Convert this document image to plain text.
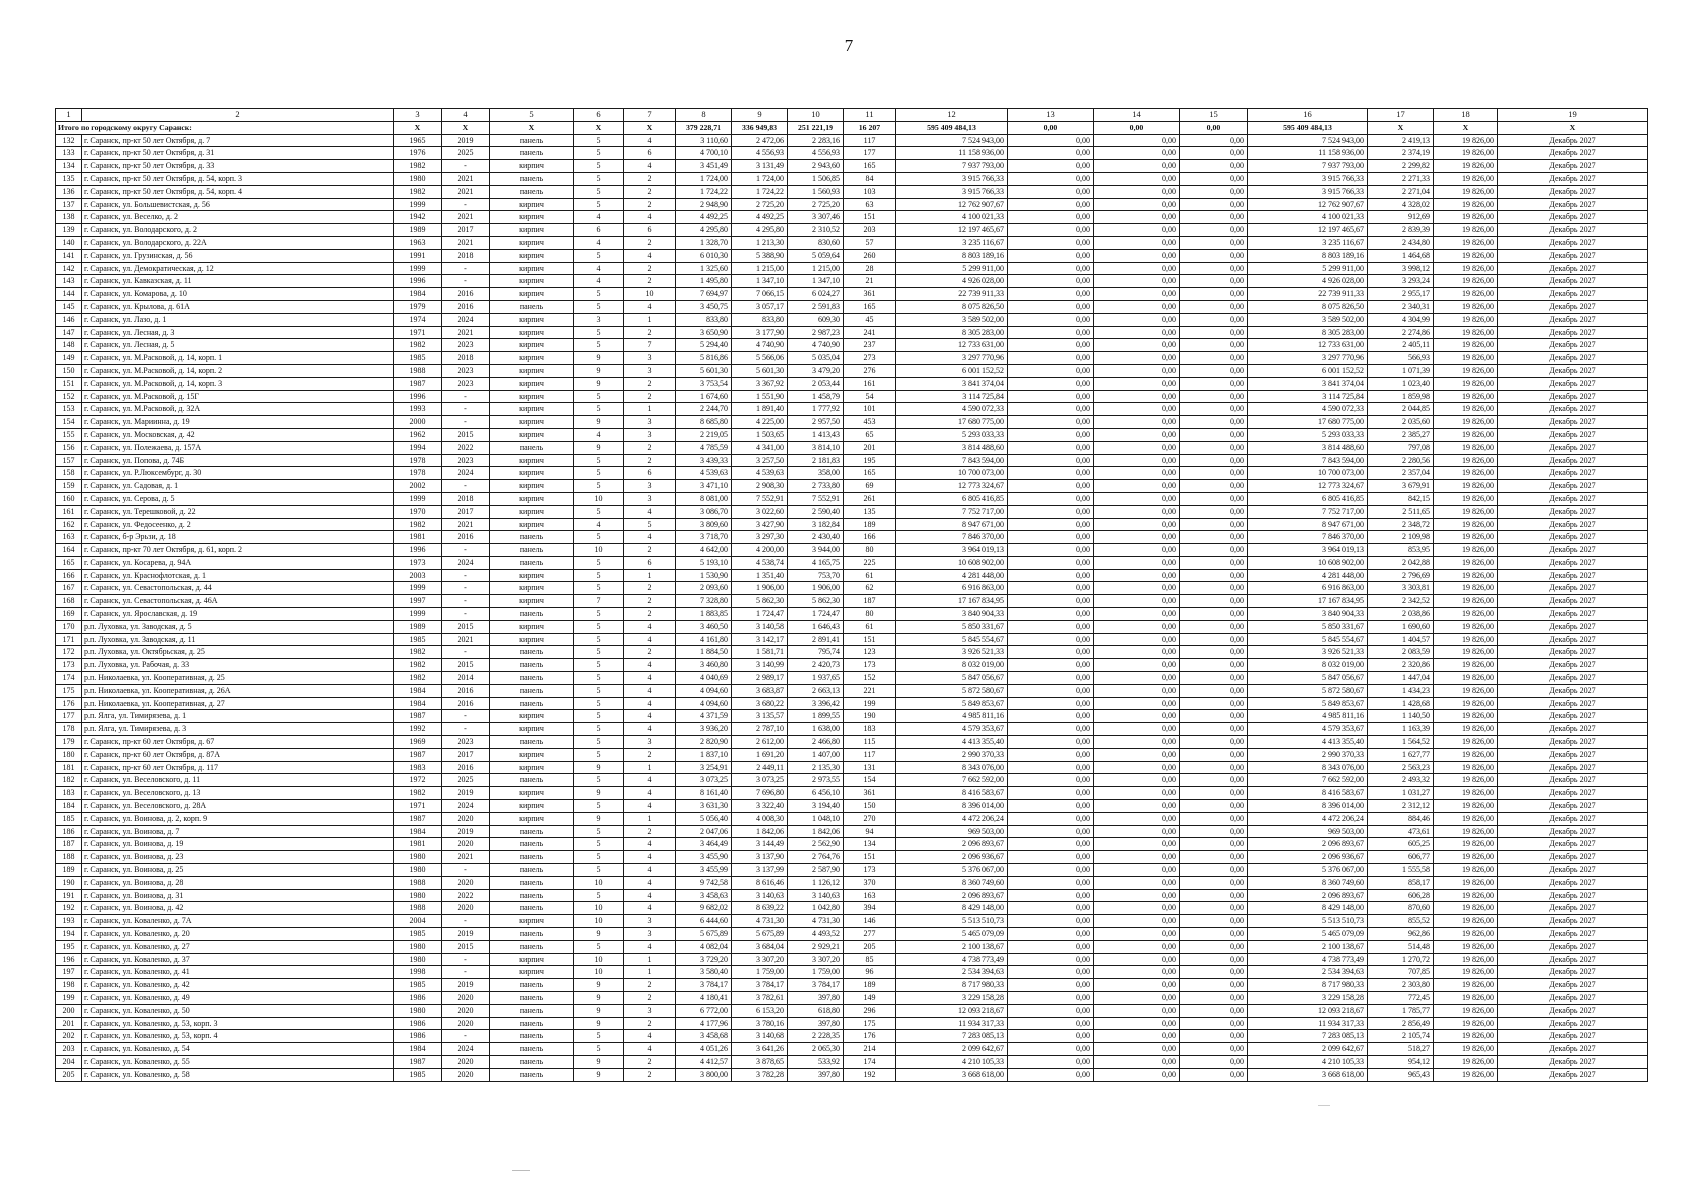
7
1	2	3	4	5	6	7	8	9	10	11	12	13	14	15	16	17	18	19
Итого по городскому округу Саранск:		X	X	X	X	X	379 228,71	336 949,83	251 221,19	16 207	595 409 484,13	0,00	0,00	0,00	595 409 484,13	X	X	X
132	г. Саранск, пр-кт 50 лет Октября, д. 7	1965	2019	панель	5	4	3 110,60	2 472,06	2 283,16	117	7 524 943,00	0,00	0,00	0,00	7 524 943,00	2 419,13	19 826,00	Декабрь 2027
133	г. Саранск, пр-кт 50 лет Октября, д. 31	1976	2025	панель	5	6	4 700,10	4 556,93	4 556,93	177	11 158 936,00	0,00	0,00	0,00	11 158 936,00	2 374,19	19 826,00	Декабрь 2027
134	г. Саранск, пр-кт 50 лет Октября, д. 33	1982	-	кирпич	5	4	3 451,49	3 131,49	2 943,60	165	7 937 793,00	0,00	0,00	0,00	7 937 793,00	2 299,82	19 826,00	Декабрь 2027
135	г. Саранск, пр-кт 50 лет Октября, д. 54, корп. 3	1980	2021	панель	5	2	1 724,00	1 724,00	1 506,85	84	3 915 766,33	0,00	0,00	0,00	3 915 766,33	2 271,33	19 826,00	Декабрь 2027
136	г. Саранск, пр-кт 50 лет Октября, д. 54, корп. 4	1982	2021	панель	5	2	1 724,22	1 724,22	1 560,93	103	3 915 766,33	0,00	0,00	0,00	3 915 766,33	2 271,04	19 826,00	Декабрь 2027
137	г. Саранск, ул. Большевистская, д. 56	1999	-	кирпич	5	2	2 948,90	2 725,20	2 725,20	63	12 762 907,67	0,00	0,00	0,00	12 762 907,67	4 328,02	19 826,00	Декабрь 2027
138	г. Саранск, ул. Веселко, д. 2	1942	2021	кирпич	4	4	4 492,25	4 492,25	3 307,46	151	4 100 021,33	0,00	0,00	0,00	4 100 021,33	912,69	19 826,00	Декабрь 2027
139	г. Саранск, ул. Володарского, д. 2	1989	2017	кирпич	6	6	4 295,80	4 295,80	2 310,52	203	12 197 465,67	0,00	0,00	0,00	12 197 465,67	2 839,39	19 826,00	Декабрь 2027
140	г. Саранск, ул. Володарского, д. 22А	1963	2021	кирпич	4	2	1 328,70	1 213,30	830,60	57	3 235 116,67	0,00	0,00	0,00	3 235 116,67	2 434,80	19 826,00	Декабрь 2027
141	г. Саранск, ул. Грузинская, д. 56	1991	2018	кирпич	5	4	6 010,30	5 388,90	5 059,64	260	8 803 189,16	0,00	0,00	0,00	8 803 189,16	1 464,68	19 826,00	Декабрь 2027
142	г. Саранск, ул. Демократическая, д. 12	1999	-	кирпич	4	2	1 325,60	1 215,00	1 215,00	28	5 299 911,00	0,00	0,00	0,00	5 299 911,00	3 998,12	19 826,00	Декабрь 2027
143	г. Саранск, ул. Кавказская, д. 11	1996	-	кирпич	4	2	1 495,80	1 347,10	1 347,10	21	4 926 028,00	0,00	0,00	0,00	4 926 028,00	3 293,24	19 826,00	Декабрь 2027
144	г. Саранск, ул. Комарова, д. 10	1984	2016	кирпич	5	10	7 694,97	7 066,15	6 024,27	361	22 739 911,33	0,00	0,00	0,00	22 739 911,33	2 955,17	19 826,00	Декабрь 2027
145	г. Саранск, ул. Крылова, д. 61А	1979	2016	панель	5	4	3 450,75	3 057,17	2 591,83	165	8 075 826,50	0,00	0,00	0,00	8 075 826,50	2 340,31	19 826,00	Декабрь 2027
146	г. Саранск, ул. Лазо, д. 1	1974	2024	кирпич	3	1	833,80	833,80	609,30	45	3 589 502,00	0,00	0,00	0,00	3 589 502,00	4 304,99	19 826,00	Декабрь 2027
147	г. Саранск, ул. Лесная, д. 3	1971	2021	кирпич	5	2	3 650,90	3 177,90	2 987,23	241	8 305 283,00	0,00	0,00	0,00	8 305 283,00	2 274,86	19 826,00	Декабрь 2027
148	г. Саранск, ул. Лесная, д. 5	1982	2023	кирпич	5	7	5 294,40	4 740,90	4 740,90	237	12 733 631,00	0,00	0,00	0,00	12 733 631,00	2 405,11	19 826,00	Декабрь 2027
149	г. Саранск, ул. М.Расковой, д. 14, корп. 1	1985	2018	кирпич	9	3	5 816,86	5 566,06	5 035,04	273	3 297 770,96	0,00	0,00	0,00	3 297 770,96	566,93	19 826,00	Декабрь 2027
150	г. Саранск, ул. М.Расковой, д. 14, корп. 2	1988	2023	кирпич	9	3	5 601,30	5 601,30	3 479,20	276	6 001 152,52	0,00	0,00	0,00	6 001 152,52	1 071,39	19 826,00	Декабрь 2027
151	г. Саранск, ул. М.Расковой, д. 14, корп. 3	1987	2023	кирпич	9	2	3 753,54	3 367,92	2 053,44	161	3 841 374,04	0,00	0,00	0,00	3 841 374,04	1 023,40	19 826,00	Декабрь 2027
152	г. Саранск, ул. М.Расковой, д. 15Г	1996	-	кирпич	5	2	1 674,60	1 551,90	1 458,79	54	3 114 725,84	0,00	0,00	0,00	3 114 725,84	1 859,98	19 826,00	Декабрь 2027
153	г. Саранск, ул. М.Расковой, д. 32А	1993	-	кирпич	5	1	2 244,70	1 891,40	1 777,92	101	4 590 072,33	0,00	0,00	0,00	4 590 072,33	2 044,85	19 826,00	Декабрь 2027
154	г. Саранск, ул. Мариинна, д. 19	2000	-	кирпич	9	3	8 685,80	4 225,00	2 957,50	453	17 680 775,00	0,00	0,00	0,00	17 680 775,00	2 035,60	19 826,00	Декабрь 2027
155	г. Саранск, ул. Московская, д. 42	1962	2015	кирпич	4	3	2 219,05	1 503,65	1 413,43	65	5 293 033,33	0,00	0,00	0,00	5 293 033,33	2 385,27	19 826,00	Декабрь 2027
156	г. Саранск, ул. Полежаева, д. 157А	1994	2022	панель	9	2	4 785,59	4 341,00	3 814,10	201	3 814 488,60	0,00	0,00	0,00	3 814 488,60	797,08	19 826,00	Декабрь 2027
157	г. Саранск, ул. Попова, д. 74Б	1978	2023	кирпич	5	2	3 439,33	3 257,50	2 181,83	195	7 843 594,00	0,00	0,00	0,00	7 843 594,00	2 280,56	19 826,00	Декабрь 2027
158	г. Саранск, ул. Р.Люксембург, д. 30	1978	2024	кирпич	5	6	4 539,63	4 539,63	358,00	165	10 700 073,00	0,00	0,00	0,00	10 700 073,00	2 357,04	19 826,00	Декабрь 2027
159	г. Саранск, ул. Садовая, д. 1	2002	-	кирпич	5	3	3 471,10	2 908,30	2 733,80	69	12 773 324,67	0,00	0,00	0,00	12 773 324,67	3 679,91	19 826,00	Декабрь 2027
160	г. Саранск, ул. Серова, д. 5	1999	2018	кирпич	10	3	8 081,00	7 552,91	7 552,91	261	6 805 416,85	0,00	0,00	0,00	6 805 416,85	842,15	19 826,00	Декабрь 2027
161	г. Саранск, ул. Терешковой, д. 22	1970	2017	кирпич	5	4	3 086,70	3 022,60	2 590,40	135	7 752 717,00	0,00	0,00	0,00	7 752 717,00	2 511,65	19 826,00	Декабрь 2027
162	г. Саранск, ул. Федосеенко, д. 2	1982	2021	кирпич	4	5	3 809,60	3 427,90	3 182,84	189	8 947 671,00	0,00	0,00	0,00	8 947 671,00	2 348,72	19 826,00	Декабрь 2027
163	г. Саранск, б-р Эрьзи, д. 18	1981	2016	панель	5	4	3 718,70	3 297,30	2 430,40	166	7 846 370,00	0,00	0,00	0,00	7 846 370,00	2 109,98	19 826,00	Декабрь 2027
164	г. Саранск, пр-кт 70 лет Октября, д. 61, корп. 2	1996	-	панель	10	2	4 642,00	4 200,00	3 944,00	80	3 964 019,13	0,00	0,00	0,00	3 964 019,13	853,95	19 826,00	Декабрь 2027
165	г. Саранск, ул. Косарева, д. 94А	1973	2024	панель	5	6	5 193,10	4 538,74	4 165,75	225	10 608 902,00	0,00	0,00	0,00	10 608 902,00	2 042,88	19 826,00	Декабрь 2027
166	г. Саранск, ул. Краснофлотская, д. 1	2003	-	кирпич	5	1	1 530,90	1 351,40	753,70	61	4 281 448,00	0,00	0,00	0,00	4 281 448,00	2 796,69	19 826,00	Декабрь 2027
167	г. Саранск, ул. Севастопольская, д. 44	1999	-	кирпич	5	2	2 093,60	1 906,00	1 906,00	62	6 916 863,00	0,00	0,00	0,00	6 916 863,00	3 303,81	19 826,00	Декабрь 2027
168	г. Саранск, ул. Севастопольская, д. 46А	1997	-	кирпич	7	2	7 328,80	5 862,30	5 862,30	187	17 167 834,95	0,00	0,00	0,00	17 167 834,95	2 342,52	19 826,00	Декабрь 2027
169	г. Саранск, ул. Ярославская, д. 19	1999	-	панель	5	2	1 883,85	1 724,47	1 724,47	80	3 840 904,33	0,00	0,00	0,00	3 840 904,33	2 038,86	19 826,00	Декабрь 2027
170	р.п. Луховка, ул. Заводская, д. 5	1989	2015	кирпич	5	4	3 460,50	3 140,58	1 646,43	61	5 850 331,67	0,00	0,00	0,00	5 850 331,67	1 690,60	19 826,00	Декабрь 2027
171	р.п. Луховка, ул. Заводская, д. 11	1985	2021	кирпич	5	4	4 161,80	3 142,17	2 891,41	151	5 845 554,67	0,00	0,00	0,00	5 845 554,67	1 404,57	19 826,00	Декабрь 2027
172	р.п. Луховка, ул. Октябрьская, д. 25	1982	-	панель	5	2	1 884,50	1 581,71	795,74	123	3 926 521,33	0,00	0,00	0,00	3 926 521,33	2 083,59	19 826,00	Декабрь 2027
173	р.п. Луховка, ул. Рабочая, д. 33	1982	2015	панель	5	4	3 460,80	3 140,99	2 420,73	173	8 032 019,00	0,00	0,00	0,00	8 032 019,00	2 320,86	19 826,00	Декабрь 2027
174	р.п. Николаевка, ул. Кооперативная, д. 25	1982	2014	панель	5	4	4 040,69	2 989,17	1 937,65	152	5 847 056,67	0,00	0,00	0,00	5 847 056,67	1 447,04	19 826,00	Декабрь 2027
175	р.п. Николаевка, ул. Кооперативная, д. 26А	1984	2016	панель	5	4	4 094,60	3 683,87	2 663,13	221	5 872 580,67	0,00	0,00	0,00	5 872 580,67	1 434,23	19 826,00	Декабрь 2027
176	р.п. Николаевка, ул. Кооперативная, д. 27	1984	2016	панель	5	4	4 094,60	3 680,22	3 396,42	199	5 849 853,67	0,00	0,00	0,00	5 849 853,67	1 428,68	19 826,00	Декабрь 2027
177	р.п. Ялга, ул. Тимирязева, д. 1	1987	-	кирпич	5	4	4 371,59	3 135,57	1 899,55	190	4 985 811,16	0,00	0,00	0,00	4 985 811,16	1 140,50	19 826,00	Декабрь 2027
178	р.п. Ялга, ул. Тимирязева, д. 3	1992	-	кирпич	5	4	3 936,20	2 787,10	1 638,00	183	4 579 353,67	0,00	0,00	0,00	4 579 353,67	1 163,39	19 826,00	Декабрь 2027
179	г. Саранск, пр-кт 60 лет Октября, д. 67	1969	2023	панель	5	3	2 820,90	2 612,00	2 466,80	115	4 413 355,40	0,00	0,00	0,00	4 413 355,40	1 564,52	19 826,00	Декабрь 2027
180	г. Саранск, пр-кт 60 лет Октября, д. 87А	1987	2017	кирпич	5	2	1 837,10	1 691,20	1 407,00	117	2 990 370,33	0,00	0,00	0,00	2 990 370,33	1 627,77	19 826,00	Декабрь 2027
181	г. Саранск, пр-кт 60 лет Октября, д. 117	1983	2016	кирпич	9	1	3 254,91	2 449,11	2 135,30	131	8 343 076,00	0,00	0,00	0,00	8 343 076,00	2 563,23	19 826,00	Декабрь 2027
182	г. Саранск, ул. Веселовского, д. 11	1972	2025	панель	5	4	3 073,25	3 073,25	2 973,55	154	7 662 592,00	0,00	0,00	0,00	7 662 592,00	2 493,32	19 826,00	Декабрь 2027
183	г. Саранск, ул. Веселовского, д. 13	1982	2019	кирпич	9	4	8 161,40	7 696,80	6 456,10	361	8 416 583,67	0,00	0,00	0,00	8 416 583,67	1 031,27	19 826,00	Декабрь 2027
184	г. Саранск, ул. Веселовского, д. 28А	1971	2024	кирпич	5	4	3 631,30	3 322,40	3 194,40	150	8 396 014,00	0,00	0,00	0,00	8 396 014,00	2 312,12	19 826,00	Декабрь 2027
185	г. Саранск, ул. Воинова, д. 2, корп. 9	1987	2020	кирпич	9	1	5 056,40	4 008,30	1 048,10	270	4 472 206,24	0,00	0,00	0,00	4 472 206,24	884,46	19 826,00	Декабрь 2027
186	г. Саранск, ул. Воинова, д. 7	1984	2019	панель	5	2	2 047,06	1 842,06	1 842,06	94	969 503,00	0,00	0,00	0,00	969 503,00	473,61	19 826,00	Декабрь 2027
187	г. Саранск, ул. Воинова, д. 19	1981	2020	панель	5	4	3 464,49	3 144,49	2 562,90	134	2 096 893,67	0,00	0,00	0,00	2 096 893,67	605,25	19 826,00	Декабрь 2027
188	г. Саранск, ул. Воинова, д. 23	1980	2021	панель	5	4	3 455,90	3 137,90	2 764,76	151	2 096 936,67	0,00	0,00	0,00	2 096 936,67	606,77	19 826,00	Декабрь 2027
189	г. Саранск, ул. Воинова, д. 25	1980	-	панель	5	4	3 455,99	3 137,99	2 587,90	173	5 376 067,00	0,00	0,00	0,00	5 376 067,00	1 555,58	19 826,00	Декабрь 2027
190	г. Саранск, ул. Воинова, д. 28	1988	2020	панель	10	4	9 742,58	8 616,46	1 126,12	370	8 360 749,60	0,00	0,00	0,00	8 360 749,60	858,17	19 826,00	Декабрь 2027
191	г. Саранск, ул. Воинова, д. 31	1980	2022	панель	5	4	3 458,63	3 140,63	3 140,63	163	2 096 893,67	0,00	0,00	0,00	2 096 893,67	606,28	19 826,00	Декабрь 2027
192	г. Саранск, ул. Воинова, д. 42	1988	2020	панель	10	4	9 682,02	8 639,22	1 042,80	394	8 429 148,00	0,00	0,00	0,00	8 429 148,00	870,60	19 826,00	Декабрь 2027
193	г. Саранск, ул. Коваленко, д. 7А	2004	-	кирпич	10	3	6 444,60	4 731,30	4 731,30	146	5 513 510,73	0,00	0,00	0,00	5 513 510,73	855,52	19 826,00	Декабрь 2027
194	г. Саранск, ул. Коваленко, д. 20	1985	2019	панель	9	3	5 675,89	5 675,89	4 493,52	277	5 465 079,09	0,00	0,00	0,00	5 465 079,09	962,86	19 826,00	Декабрь 2027
195	г. Саранск, ул. Коваленко, д. 27	1980	2015	панель	5	4	4 082,04	3 684,04	2 929,21	205	2 100 138,67	0,00	0,00	0,00	2 100 138,67	514,48	19 826,00	Декабрь 2027
196	г. Саранск, ул. Коваленко, д. 37	1980	-	кирпич	10	1	3 729,20	3 307,20	3 307,20	85	4 738 773,49	0,00	0,00	0,00	4 738 773,49	1 270,72	19 826,00	Декабрь 2027
197	г. Саранск, ул. Коваленко, д. 41	1998	-	кирпич	10	1	3 580,40	1 759,00	1 759,00	96	2 534 394,63	0,00	0,00	0,00	2 534 394,63	707,85	19 826,00	Декабрь 2027
198	г. Саранск, ул. Коваленко, д. 42	1985	2019	панель	9	2	3 784,17	3 784,17	3 784,17	189	8 717 980,33	0,00	0,00	0,00	8 717 980,33	2 303,80	19 826,00	Декабрь 2027
199	г. Саранск, ул. Коваленко, д. 49	1986	2020	панель	9	2	4 180,41	3 782,61	397,80	149	3 229 158,28	0,00	0,00	0,00	3 229 158,28	772,45	19 826,00	Декабрь 2027
200	г. Саранск, ул. Коваленко, д. 50	1980	2020	панель	9	3	6 772,00	6 153,20	618,80	296	12 093 218,67	0,00	0,00	0,00	12 093 218,67	1 785,77	19 826,00	Декабрь 2027
201	г. Саранск, ул. Коваленко, д. 53, корп. 3	1986	2020	панель	9	2	4 177,96	3 780,16	397,80	175	11 934 317,33	0,00	0,00	0,00	11 934 317,33	2 856,49	19 826,00	Декабрь 2027
202	г. Саранск, ул. Коваленко, д. 53, корп. 4	1986	-	панель	5	4	3 458,68	3 140,68	2 228,35	176	7 283 085,13	0,00	0,00	0,00	7 283 085,13	2 105,74	19 826,00	Декабрь 2027
203	г. Саранск, ул. Коваленко, д. 54	1984	2024	панель	5	4	4 051,26	3 641,26	2 065,30	214	2 099 642,67	0,00	0,00	0,00	2 099 642,67	518,27	19 826,00	Декабрь 2027
204	г. Саранск, ул. Коваленко, д. 55	1987	2020	панель	9	2	4 412,57	3 878,65	533,92	174	4 210 105,33	0,00	0,00	0,00	4 210 105,33	954,12	19 826,00	Декабрь 2027
205	г. Саранск, ул. Коваленко, д. 58	1985	2020	панель	9	2	3 800,00	3 782,28	397,80	192	3 668 618,00	0,00	0,00	0,00	3 668 618,00	965,43	19 826,00	Декабрь 2027
